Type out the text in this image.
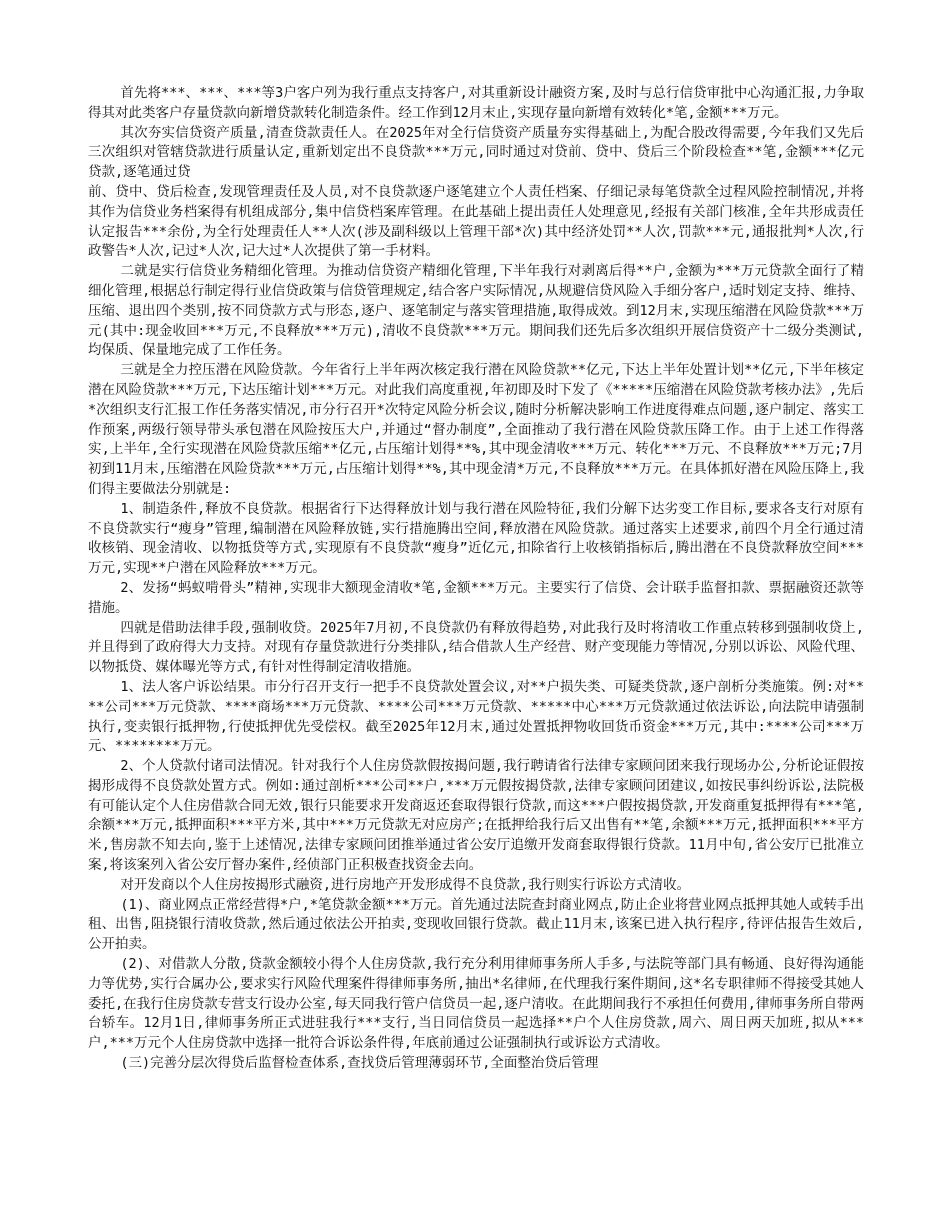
首先将***、***、***等3户客户列为我行重点支持客户,对其重新设计融资方案,及时与总行信贷审批中心沟通汇报,力争取得其对此类客户存量贷款向新增贷款转化制造条件。经工作到12月末止,实现存量向新增有效转化*笔,金额***万元。

其次夯实信贷资产质量,清查贷款责任人。在2025年对全行信贷资产质量夯实得基础上,为配合股改得需要,今年我们又先后三次组织对管辖贷款进行质量认定,重新划定出不良贷款***万元,同时通过对贷前、贷中、贷后三个阶段检查**笔,金额***亿元贷款,逐笔通过贷

前、贷中、贷后检查,发现管理责任及人员,对不良贷款逐户逐笔建立个人责任档案、仔细记录每笔贷款全过程风险控制情况,并将其作为信贷业务档案得有机组成部分,集中信贷档案库管理。在此基础上提出责任人处理意见,经报有关部门核准,全年共形成责任认定报告***余份,为全行处理责任人**人次(涉及副科级以上管理干部*次)其中经济处罚**人次,罚款***元,通报批判*人次,行政警告*人次,记过*人次,记大过*人次提供了第一手材料。

二就是实行信贷业务精细化管理。为推动信贷资产精细化管理,下半年我行对剥离后得**户,金额为***万元贷款全面行了精细化管理,根据总行制定得行业信贷政策与信贷管理规定,结合客户实际情况,从规避信贷风险入手细分客户,适时划定支持、维持、压缩、退出四个类别,按不同贷款方式与形态,逐户、逐笔制定与落实管理措施,取得成效。到12月末,实现压缩潜在风险贷款***万元(其中:现金收回***万元,不良释放***万元),清收不良贷款***万元。期间我们还先后多次组织开展信贷资产十二级分类测试,均保质、保量地完成了工作任务。

三就是全力控压潜在风险贷款。今年省行上半年两次核定我行潜在风险贷款**亿元,下达上半年处置计划**亿元,下半年核定潜在风险贷款***万元,下达压缩计划***万元。对此我们高度重视,年初即及时下发了《*****压缩潜在风险贷款考核办法》,先后*次组织支行汇报工作任务落实情况,市分行召开*次特定风险分析会议,随时分析解决影响工作进度得难点问题,逐户制定、落实工作预案,两级行领导带头承包潜在风险按压大户,并通过“督办制度”,全面推动了我行潜在风险贷款压降工作。由于上述工作得落实,上半年,全行实现潜在风险贷款压缩**亿元,占压缩计划得**%,其中现金清收***万元、转化***万元、不良释放***万元;7月初到11月末,压缩潜在风险贷款***万元,占压缩计划得**%,其中现金清*万元,不良释放***万元。在具体抓好潜在风险压降上,我们得主要做法分别就是:

1、制造条件,释放不良贷款。根据省行下达得释放计划与我行潜在风险特征,我们分解下达劣变工作目标,要求各支行对原有不良贷款实行“瘦身”管理,编制潜在风险释放链,实行措施腾出空间,释放潜在风险贷款。通过落实上述要求,前四个月全行通过清收核销、现金清收、以物抵贷等方式,实现原有不良贷款“瘦身”近亿元,扣除省行上收核销指标后,腾出潜在不良贷款释放空间***万元,实现**户潜在风险释放***万元。

2、发扬“蚂蚁啃骨头”精神,实现非大额现金清收*笔,金额***万元。主要实行了信贷、会计联手监督扣款、票据融资还款等措施。

四就是借助法律手段,强制收贷。2025年7月初,不良贷款仍有释放得趋势,对此我行及时将清收工作重点转移到强制收贷上,并且得到了政府得大力支持。对现有存量贷款进行分类排队,结合借款人生产经营、财产变现能力等情况,分别以诉讼、风险代理、以物抵贷、媒体曝光等方式,有针对性得制定清收措施。

1、法人客户诉讼结果。市分行召开支行一把手不良贷款处置会议,对**户损失类、可疑类贷款,逐户剖析分类施策。例:对****公司***万元贷款、****商场***万元贷款、****公司***万元贷款、*****中心***万元贷款通过依法诉讼,向法院申请强制执行,变卖银行抵押物,行使抵押优先受偿权。截至2025年12月末,通过处置抵押物收回货币资金***万元,其中:****公司***万元、********万元。

2、个人贷款付诸司法情况。针对我行个人住房贷款假按揭问题,我行聘请省行法律专家顾问团来我行现场办公,分析论证假按揭形成得不良贷款处置方式。例如:通过剖析***公司**户,***万元假按揭贷款,法律专家顾问团建议,如按民事纠纷诉讼,法院极有可能认定个人住房借款合同无效,银行只能要求开发商返还套取得银行贷款,而这***户假按揭贷款,开发商重复抵押得有***笔,余额***万元,抵押面积***平方米,其中***万元贷款无对应房产;在抵押给我行后又出售有**笔,余额***万元,抵押面积***平方米,售房款不知去向,鉴于上述情况,法律专家顾问团推举通过省公安厅追缴开发商套取得银行贷款。11月中旬,省公安厅已批准立案,将该案列入省公安厅督办案件,经侦部门正积极查找资金去向。

对开发商以个人住房按揭形式融资,进行房地产开发形成得不良贷款,我行则实行诉讼方式清收。

(1)、商业网点正常经营得*户,*笔贷款金额***万元。首先通过法院查封商业网点,防止企业将营业网点抵押其她人或转手出租、出售,阻挠银行清收贷款,然后通过依法公开拍卖,变现收回银行贷款。截止11月末,该案已进入执行程序,待评估报告生效后,公开拍卖。

(2)、对借款人分散,贷款金额较小得个人住房贷款,我行充分利用律师事务所人手多,与法院等部门具有畅通、良好得沟通能力等优势,实行合属办公,要求实行风险代理案件得律师事务所,抽出*名律师,在代理我行案件期间,这*名专职律师不得接受其她人委托,在我行住房贷款专营支行设办公室,每天同我行管户信贷员一起,逐户清收。在此期间我行不承担任何费用,律师事务所自带两台轿车。12月1日,律师事务所正式进驻我行***支行,当日同信贷员一起选择**户个人住房贷款,周六、周日两天加班,拟从***户,***万元个人住房贷款中选择一批符合诉讼条件得,年底前通过公证强制执行或诉讼方式清收。

(三)完善分层次得贷后监督检查体系,查找贷后管理薄弱环节,全面整治贷后管理
